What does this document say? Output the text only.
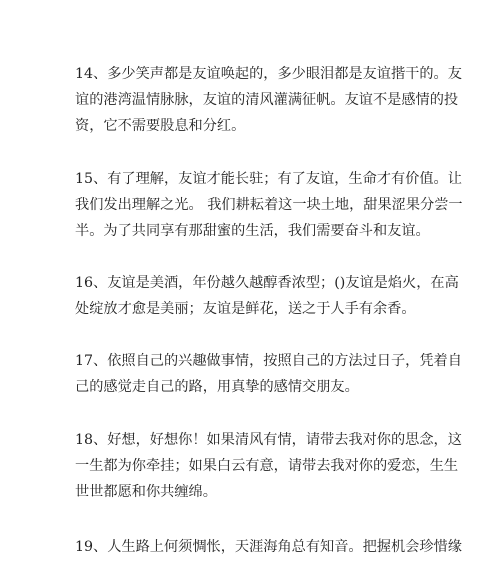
14、多少笑声都是友谊唤起的，多少眼泪都是友谊揩干的。友
谊的港湾温情脉脉，友谊的清风灌满征帆。友谊不是感情的投
资，它不需要股息和分红。
15、有了理解，友谊才能长驻；有了友谊，生命才有价值。让
我们发出理解之光。 我们耕耘着这一块土地，甜果涩果分尝一
半。为了共同享有那甜蜜的生活，我们需要奋斗和友谊。
16、友谊是美酒，年份越久越醇香浓型；()友谊是焰火，在高
处绽放才愈是美丽；友谊是鲜花，送之于人手有余香。
17、依照自己的兴趣做事情，按照自己的方法过日子，凭着自
己的感觉走自己的路，用真挚的感情交朋友。
18、好想，好想你！如果清风有情，请带去我对你的思念，这
一生都为你牵挂；如果白云有意，请带去我对你的爱恋，生生
世世都愿和你共缠绵。
19、人生路上何须惆怅，天涯海角总有知音。把握机会珍惜缘
